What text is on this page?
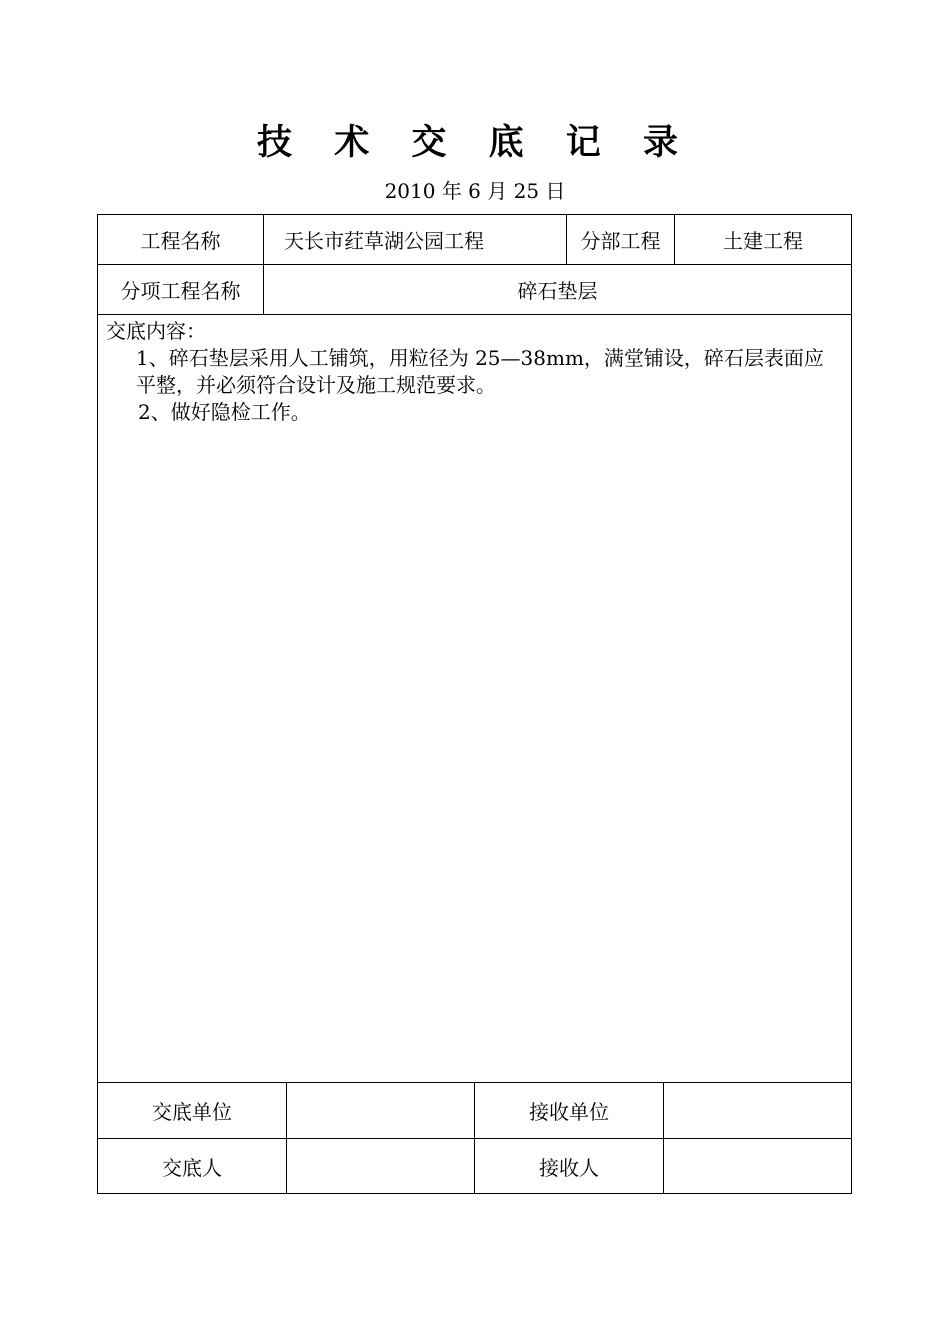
技 术 交 底 记 录
2010 年 6 月 25 日
工程名称	天长市荭草湖公园工程	分部工程	土建工程
分项工程名称	碎石垫层

交底内容：

1、碎石垫层采用人工铺筑，用粒径为 25—38mm，满堂铺设，碎石层表面应

平整，并必须符合设计及施工规范要求。

2、做好隐检工作。

交底单位	接收单位
交底人	接收人
